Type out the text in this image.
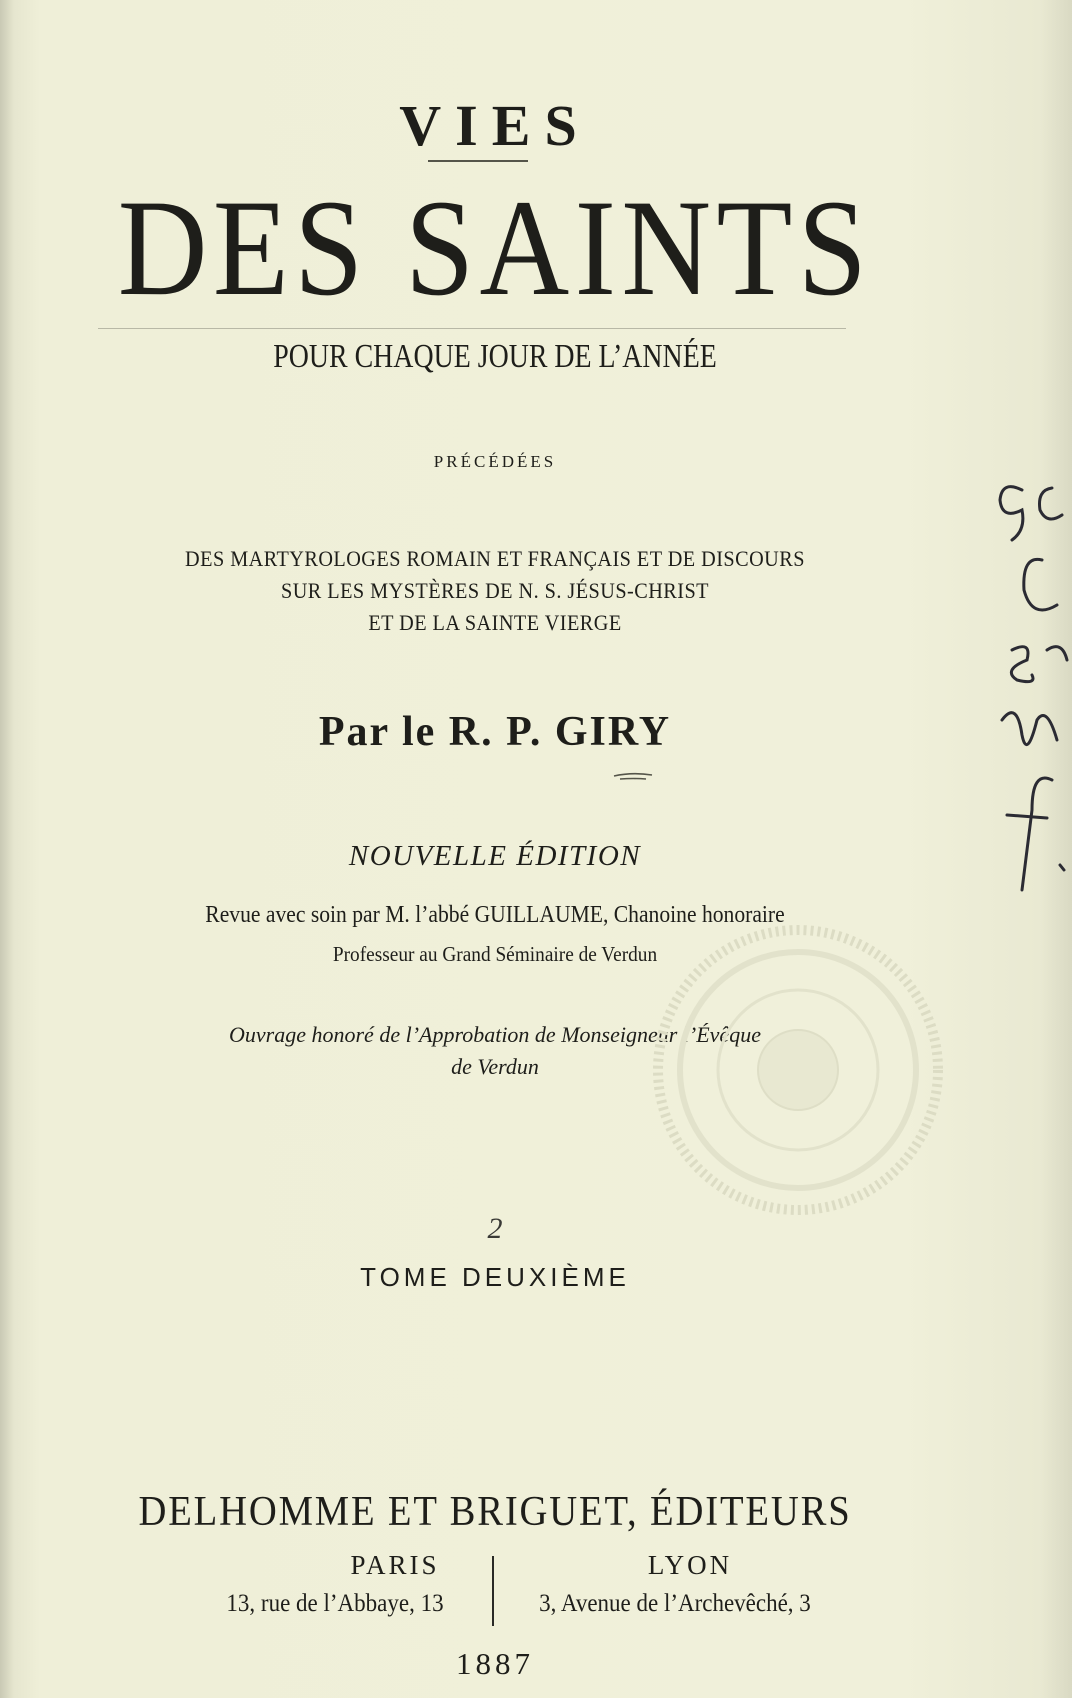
VIES
DES SAINTS
POUR CHAQUE JOUR DE L’ANNÉE
PRÉCÉDÉES
DES MARTYROLOGES ROMAIN ET FRANÇAIS ET DE DISCOURS
SUR LES MYSTÈRES DE N. S. JÉSUS-CHRIST
ET DE LA SAINTE VIERGE
Par le R. P. GIRY
NOUVELLE ÉDITION
Revue avec soin par M. l’abbé GUILLAUME, Chanoine honoraire
Professeur au Grand Séminaire de Verdun
Ouvrage honoré de l’Approbation de Monseigneur l’Évêque
de Verdun
2
TOME DEUXIÈME
DELHOMME ET BRIGUET, ÉDITEURS
PARIS
13, rue de l’Abbaye, 13
LYON
3, Avenue de l’Archevêché, 3
1887
